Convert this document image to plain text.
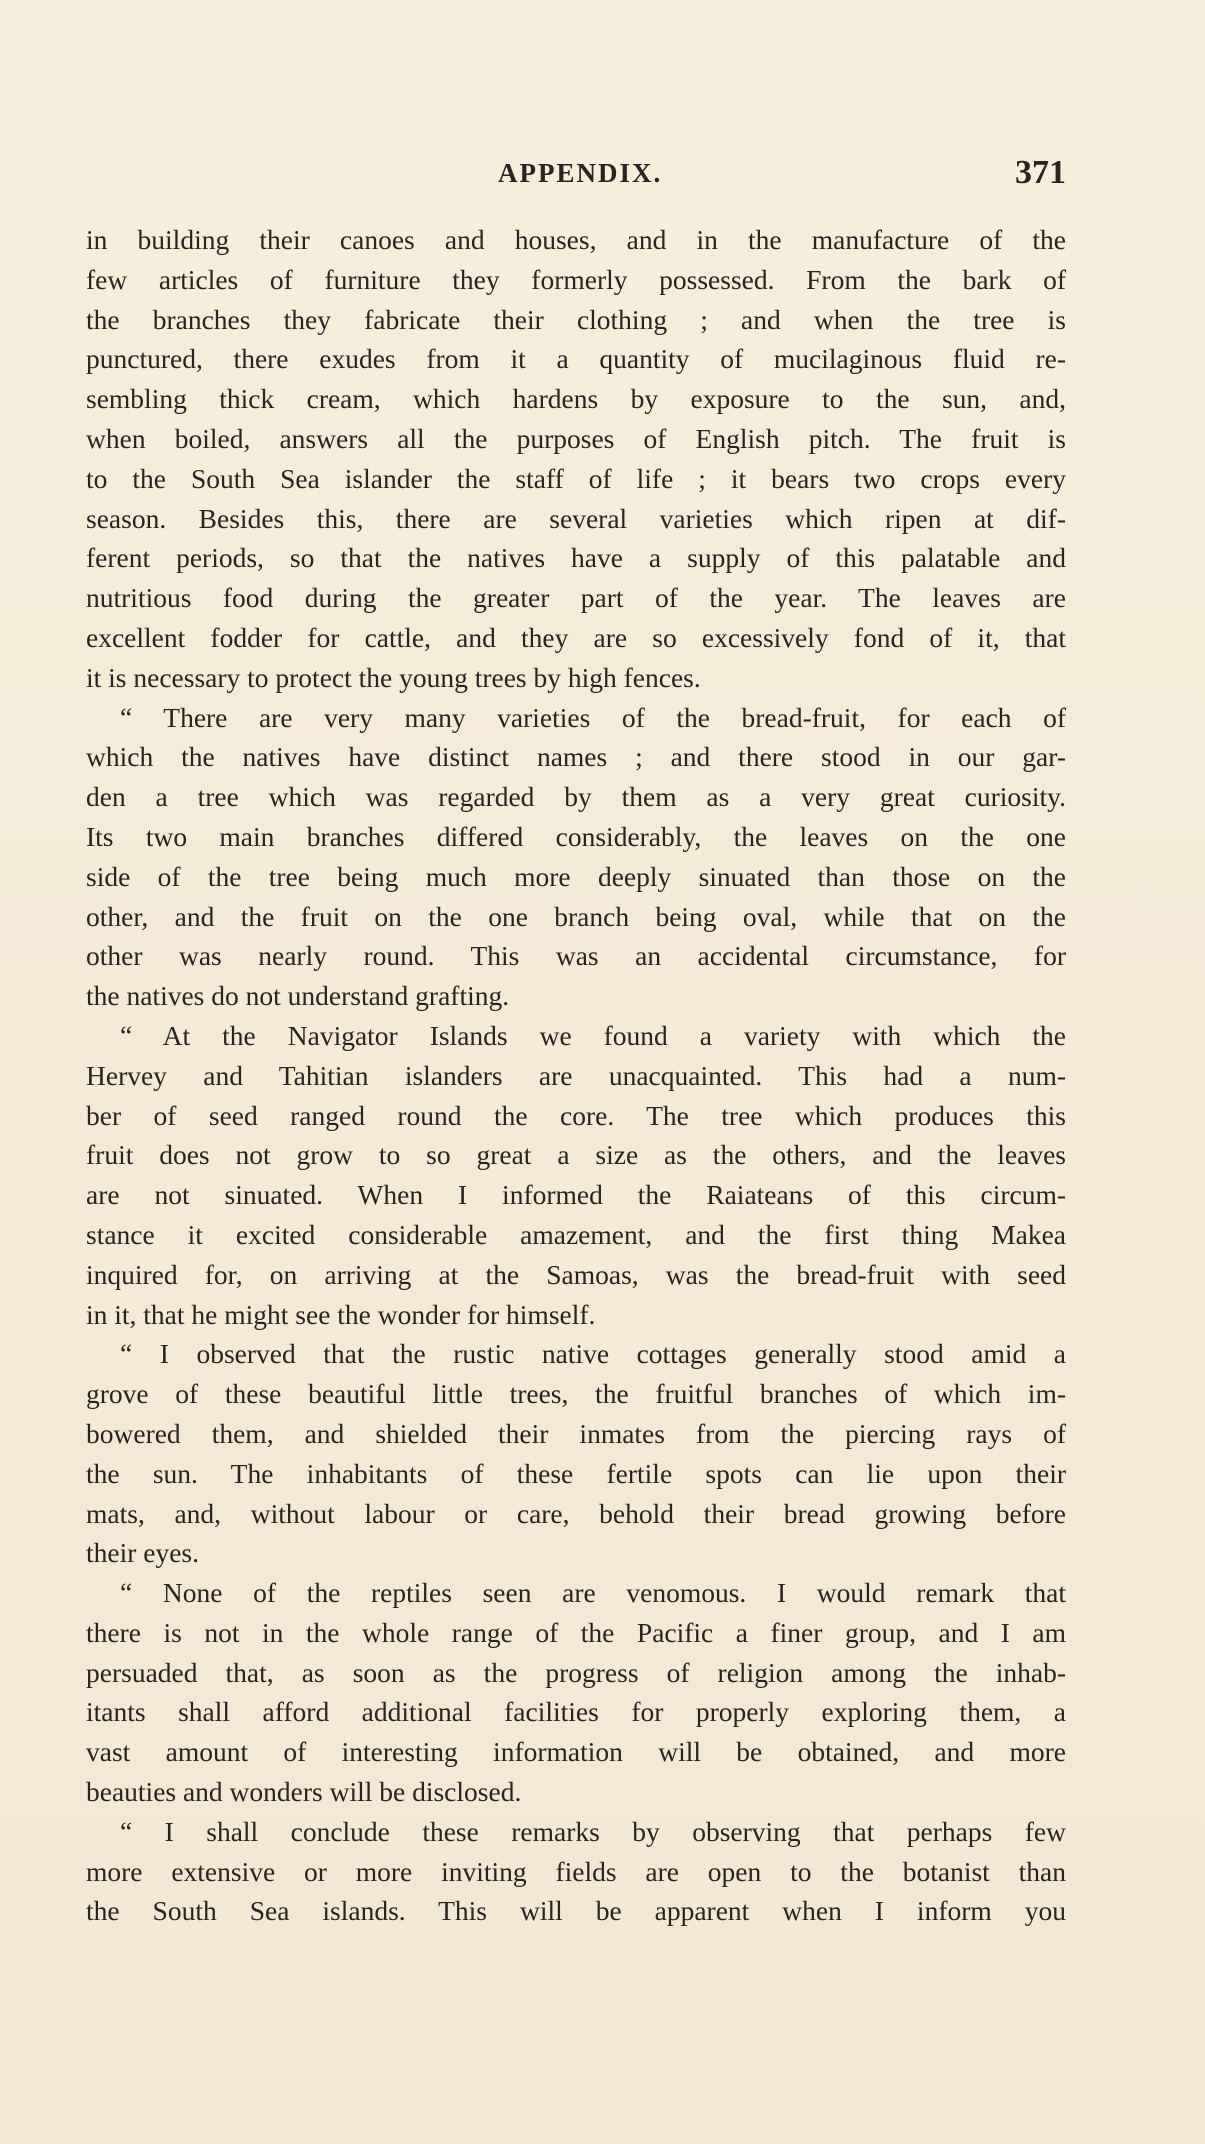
APPENDIX.	371
in building their canoes and houses, and in the manufacture of the
few articles of furniture they formerly possessed. From the bark of
the branches they fabricate their clothing ; and when the tree is
punctured, there exudes from it a quantity of mucilaginous fluid re-
sembling thick cream, which hardens by exposure to the sun, and,
when boiled, answers all the purposes of English pitch. The fruit is
to the South Sea islander the staff of life ; it bears two crops every
season. Besides this, there are several varieties which ripen at dif-
ferent periods, so that the natives have a supply of this palatable and
nutritious food during the greater part of the year. The leaves are
excellent fodder for cattle, and they are so excessively fond of it, that
it is necessary to protect the young trees by high fences.
“ There are very many varieties of the bread-fruit, for each of
which the natives have distinct names ; and there stood in our gar-
den a tree which was regarded by them as a very great curiosity.
Its two main branches differed considerably, the leaves on the one
side of the tree being much more deeply sinuated than those on the
other, and the fruit on the one branch being oval, while that on the
other was nearly round. This was an accidental circumstance, for
the natives do not understand grafting.
“ At the Navigator Islands we found a variety with which the
Hervey and Tahitian islanders are unacquainted. This had a num-
ber of seed ranged round the core. The tree which produces this
fruit does not grow to so great a size as the others, and the leaves
are not sinuated. When I informed the Raiateans of this circum-
stance it excited considerable amazement, and the first thing Makea
inquired for, on arriving at the Samoas, was the bread-fruit with seed
in it, that he might see the wonder for himself.
“ I observed that the rustic native cottages generally stood amid a
grove of these beautiful little trees, the fruitful branches of which im-
bowered them, and shielded their inmates from the piercing rays of
the sun. The inhabitants of these fertile spots can lie upon their
mats, and, without labour or care, behold their bread growing before
their eyes.
“ None of the reptiles seen are venomous. I would remark that
there is not in the whole range of the Pacific a finer group, and I am
persuaded that, as soon as the progress of religion among the inhab-
itants shall afford additional facilities for properly exploring them, a
vast amount of interesting information will be obtained, and more
beauties and wonders will be disclosed.
“ I shall conclude these remarks by observing that perhaps few
more extensive or more inviting fields are open to the botanist than
the South Sea islands. This will be apparent when I inform you
